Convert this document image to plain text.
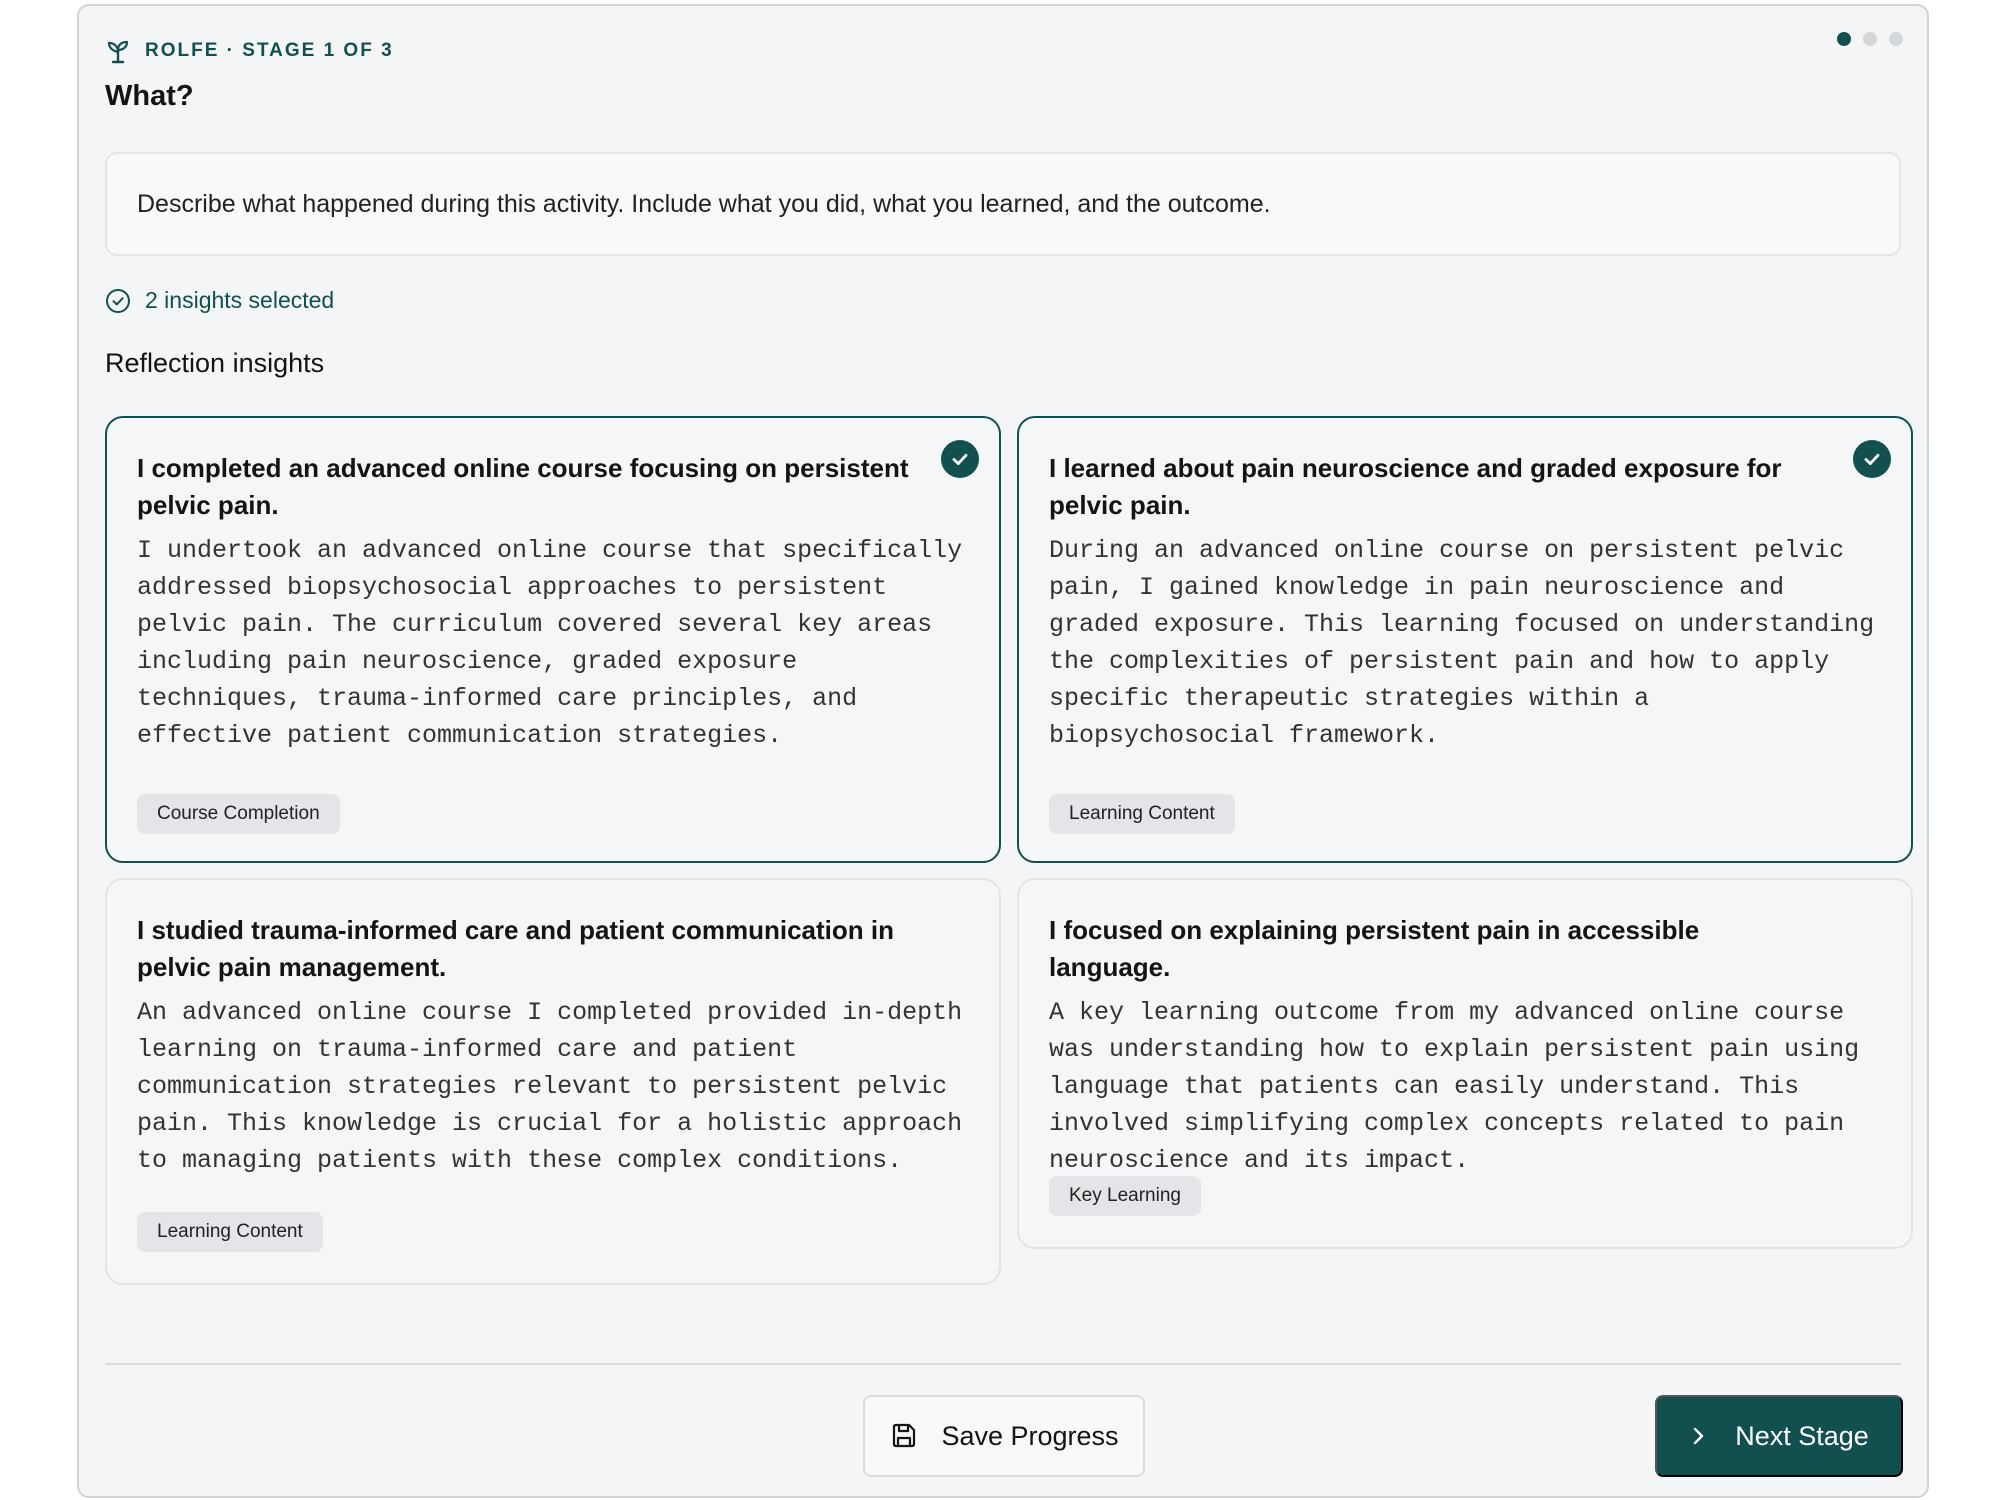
ROLFE · STAGE 1 OF 3
What?
Describe what happened during this activity. Include what you did, what you learned, and the outcome.
2 insights selected
Reflection insights

I completed an advanced online course focusing on persistent pelvic pain.

I undertook an advanced online course that specifically addressed biopsychosocial approaches to persistent pelvic pain. The curriculum covered several key areas including pain neuroscience, graded exposure techniques, trauma-informed care principles, and effective patient communication strategies.

Course Completion

I learned about pain neuroscience and graded exposure for pelvic pain.

During an advanced online course on persistent pelvic pain, I gained knowledge in pain neuroscience and graded exposure. This learning focused on understanding the complexities of persistent pain and how to apply specific therapeutic strategies within a biopsychosocial framework.

Learning Content

I studied trauma-informed care and patient communication in pelvic pain management.

An advanced online course I completed provided in-depth learning on trauma-informed care and patient communication strategies relevant to persistent pelvic pain. This knowledge is crucial for a holistic approach to managing patients with these complex conditions.

Learning Content

I focused on explaining persistent pain in accessible language.

A key learning outcome from my advanced online course was understanding how to explain persistent pain using language that patients can easily understand. This involved simplifying complex concepts related to pain neuroscience and its impact.

Key Learning
Save Progress	Next Stage
